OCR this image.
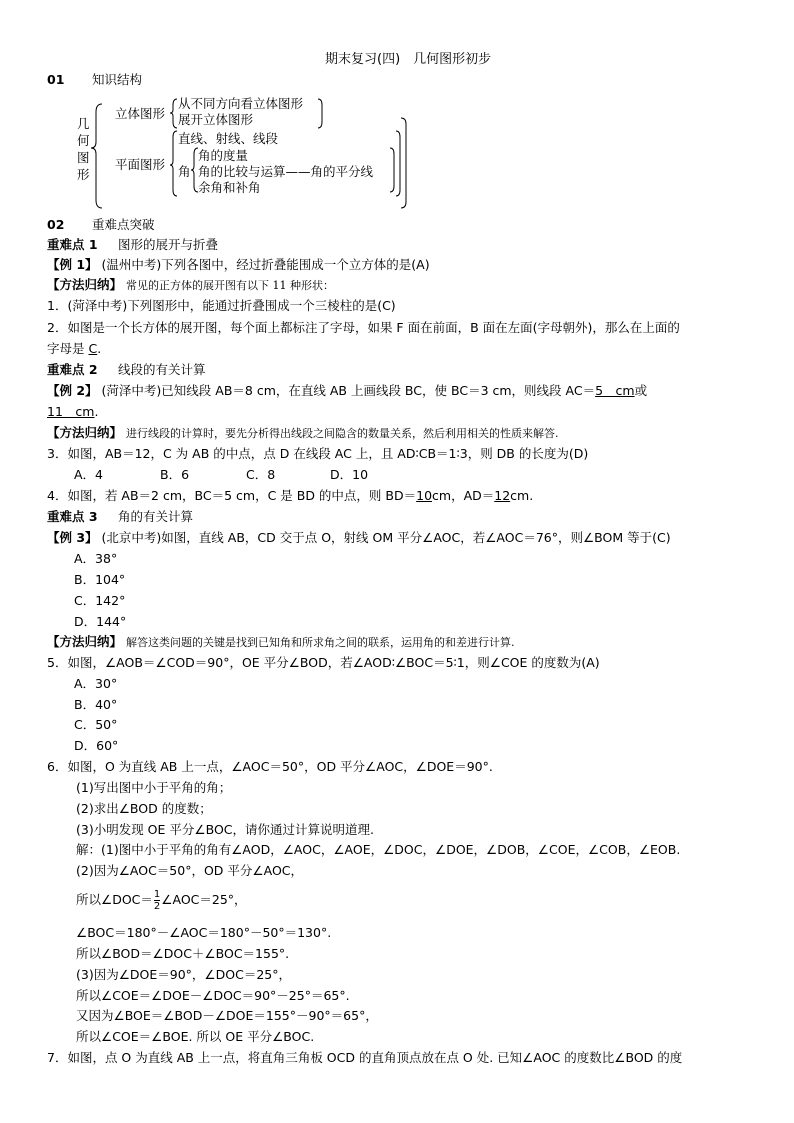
期末复习(四)　几何图形初步
01 知识结构
几
何
图
形
立体图形
从不同方向看立体图形
展开立体图形
平面图形
直线、射线、线段
角
角的度量
角的比较与运算——角的平分线
余角和补角
02 重难点突破
重难点 1 图形的展开与折叠
【例 1】 (温州中考)下列各图中，经过折叠能围成一个立方体的是(A)
【方法归纳】 常见的正方体的展开图有以下 11 种形状：
1．(菏泽中考)下列图形中，能通过折叠围成一个三棱柱的是(C)
2．如图是一个长方体的展开图，每个面上都标注了字母，如果 F 面在前面，B 面在左面(字母朝外)，那么在上面的
字母是 C.
重难点 2 线段的有关计算
【例 2】 (菏泽中考)已知线段 AB＝8 cm，在直线 AB 上画线段 BC，使 BC＝3 cm，则线段 AC＝5　cm或
11　cm.
【方法归纳】 进行线段的计算时，要先分析得出线段之间隐含的数量关系，然后利用相关的性质来解答.
3．如图，AB＝12，C 为 AB 的中点，点 D 在线段 AC 上，且 AD∶CB＝1∶3，则 DB 的长度为(D)
A．4	B．6	C．8	D．10
4．如图，若 AB＝2 cm，BC＝5 cm，C 是 BD 的中点，则 BD＝10cm，AD＝12cm.
重难点 3 角的有关计算
【例 3】 (北京中考)如图，直线 AB，CD 交于点 O，射线 OM 平分∠AOC，若∠AOC＝76°，则∠BOM 等于(C)
A．38°
B．104°
C．142°
D．144°
【方法归纳】 解答这类问题的关键是找到已知角和所求角之间的联系，运用角的和差进行计算.
5．如图，∠AOB＝∠COD＝90°，OE 平分∠BOD，若∠AOD∶∠BOC＝5∶1，则∠COE 的度数为(A)
A．30°
B．40°
C．50°
D．60°
6．如图，O 为直线 AB 上一点，∠AOC＝50°，OD 平分∠AOC，∠DOE＝90°.
(1)写出图中小于平角的角；
(2)求出∠BOD 的度数；
(3)小明发现 OE 平分∠BOC，请你通过计算说明道理.
解：(1)图中小于平角的角有∠AOD，∠AOC，∠AOE，∠DOC，∠DOE，∠DOB，∠COE，∠COB，∠EOB.
(2)因为∠AOC＝50°，OD 平分∠AOC，
所以∠DOC＝ $\frac{1}{2}$ ∠AOC＝25°，
∠BOC＝180°－∠AOC＝180°－50°＝130°.
所以∠BOD＝∠DOC＋∠BOC＝155°.
(3)因为∠DOE＝90°，∠DOC＝25°，
所以∠COE＝∠DOE－∠DOC＝90°－25°＝65°.
又因为∠BOE＝∠BOD－∠DOE＝155°－90°＝65°，
所以∠COE＝∠BOE. 所以 OE 平分∠BOC.
7．如图，点 O 为直线 AB 上一点，将直角三角板 OCD 的直角顶点放在点 O 处. 已知∠AOC 的度数比∠BOD 的度
